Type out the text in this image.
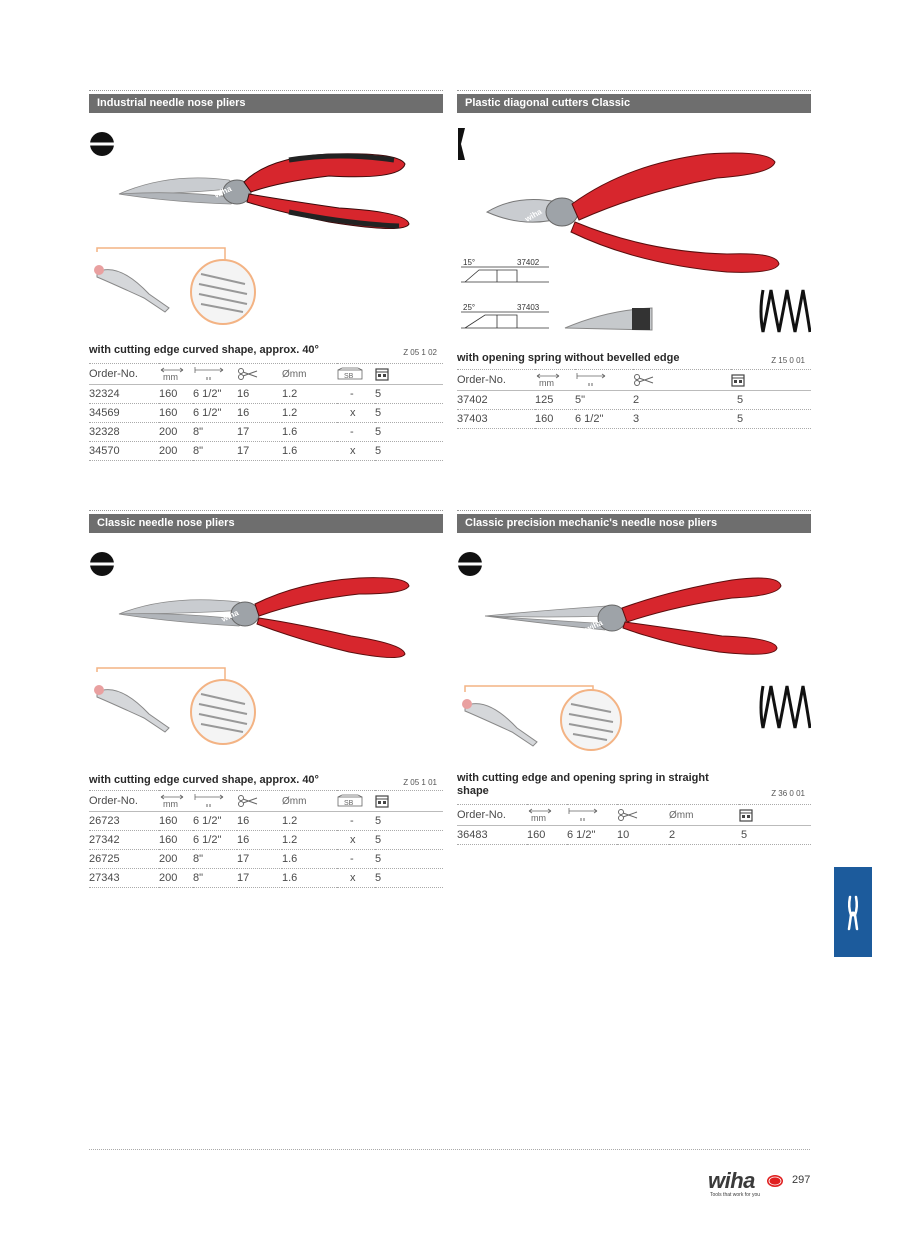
Industrial needle nose pliers
wiha
with cutting edge curved shape, approx. 40°	Z 05 1 02
Order-No.	mm			Ømm	SB

32324	160	6 1/2"	16	1.2	-	5
34569	160	6 1/2"	16	1.2	x	5
32328	200	8"	17	1.6	-	5
34570	200	8"	17	1.6	x	5
Plastic diagonal cutters Classic
wiha
15°	37402
25°	37403
with opening spring without bevelled edge	Z 15 0 01
Order-No.	mm

37402	125	5"	2	5
37403	160	6 1/2"	3	5
Classic needle nose pliers
wiha
with cutting edge curved shape, approx. 40°	Z 05 1 01
Order-No.	mm			Ømm	SB

26723	160	6 1/2"	16	1.2	-	5
27342	160	6 1/2"	16	1.2	x	5
26725	200	8"	17	1.6	-	5
27343	200	8"	17	1.6	x	5
Classic precision mechanic's needle nose pliers
wiha
with cutting edge and opening spring in straight
shape	Z 36 0 01
Order-No.	mm			Ømm	
36483	160	6 1/2"	10	2	5
wiha
Tools that work for you
297
